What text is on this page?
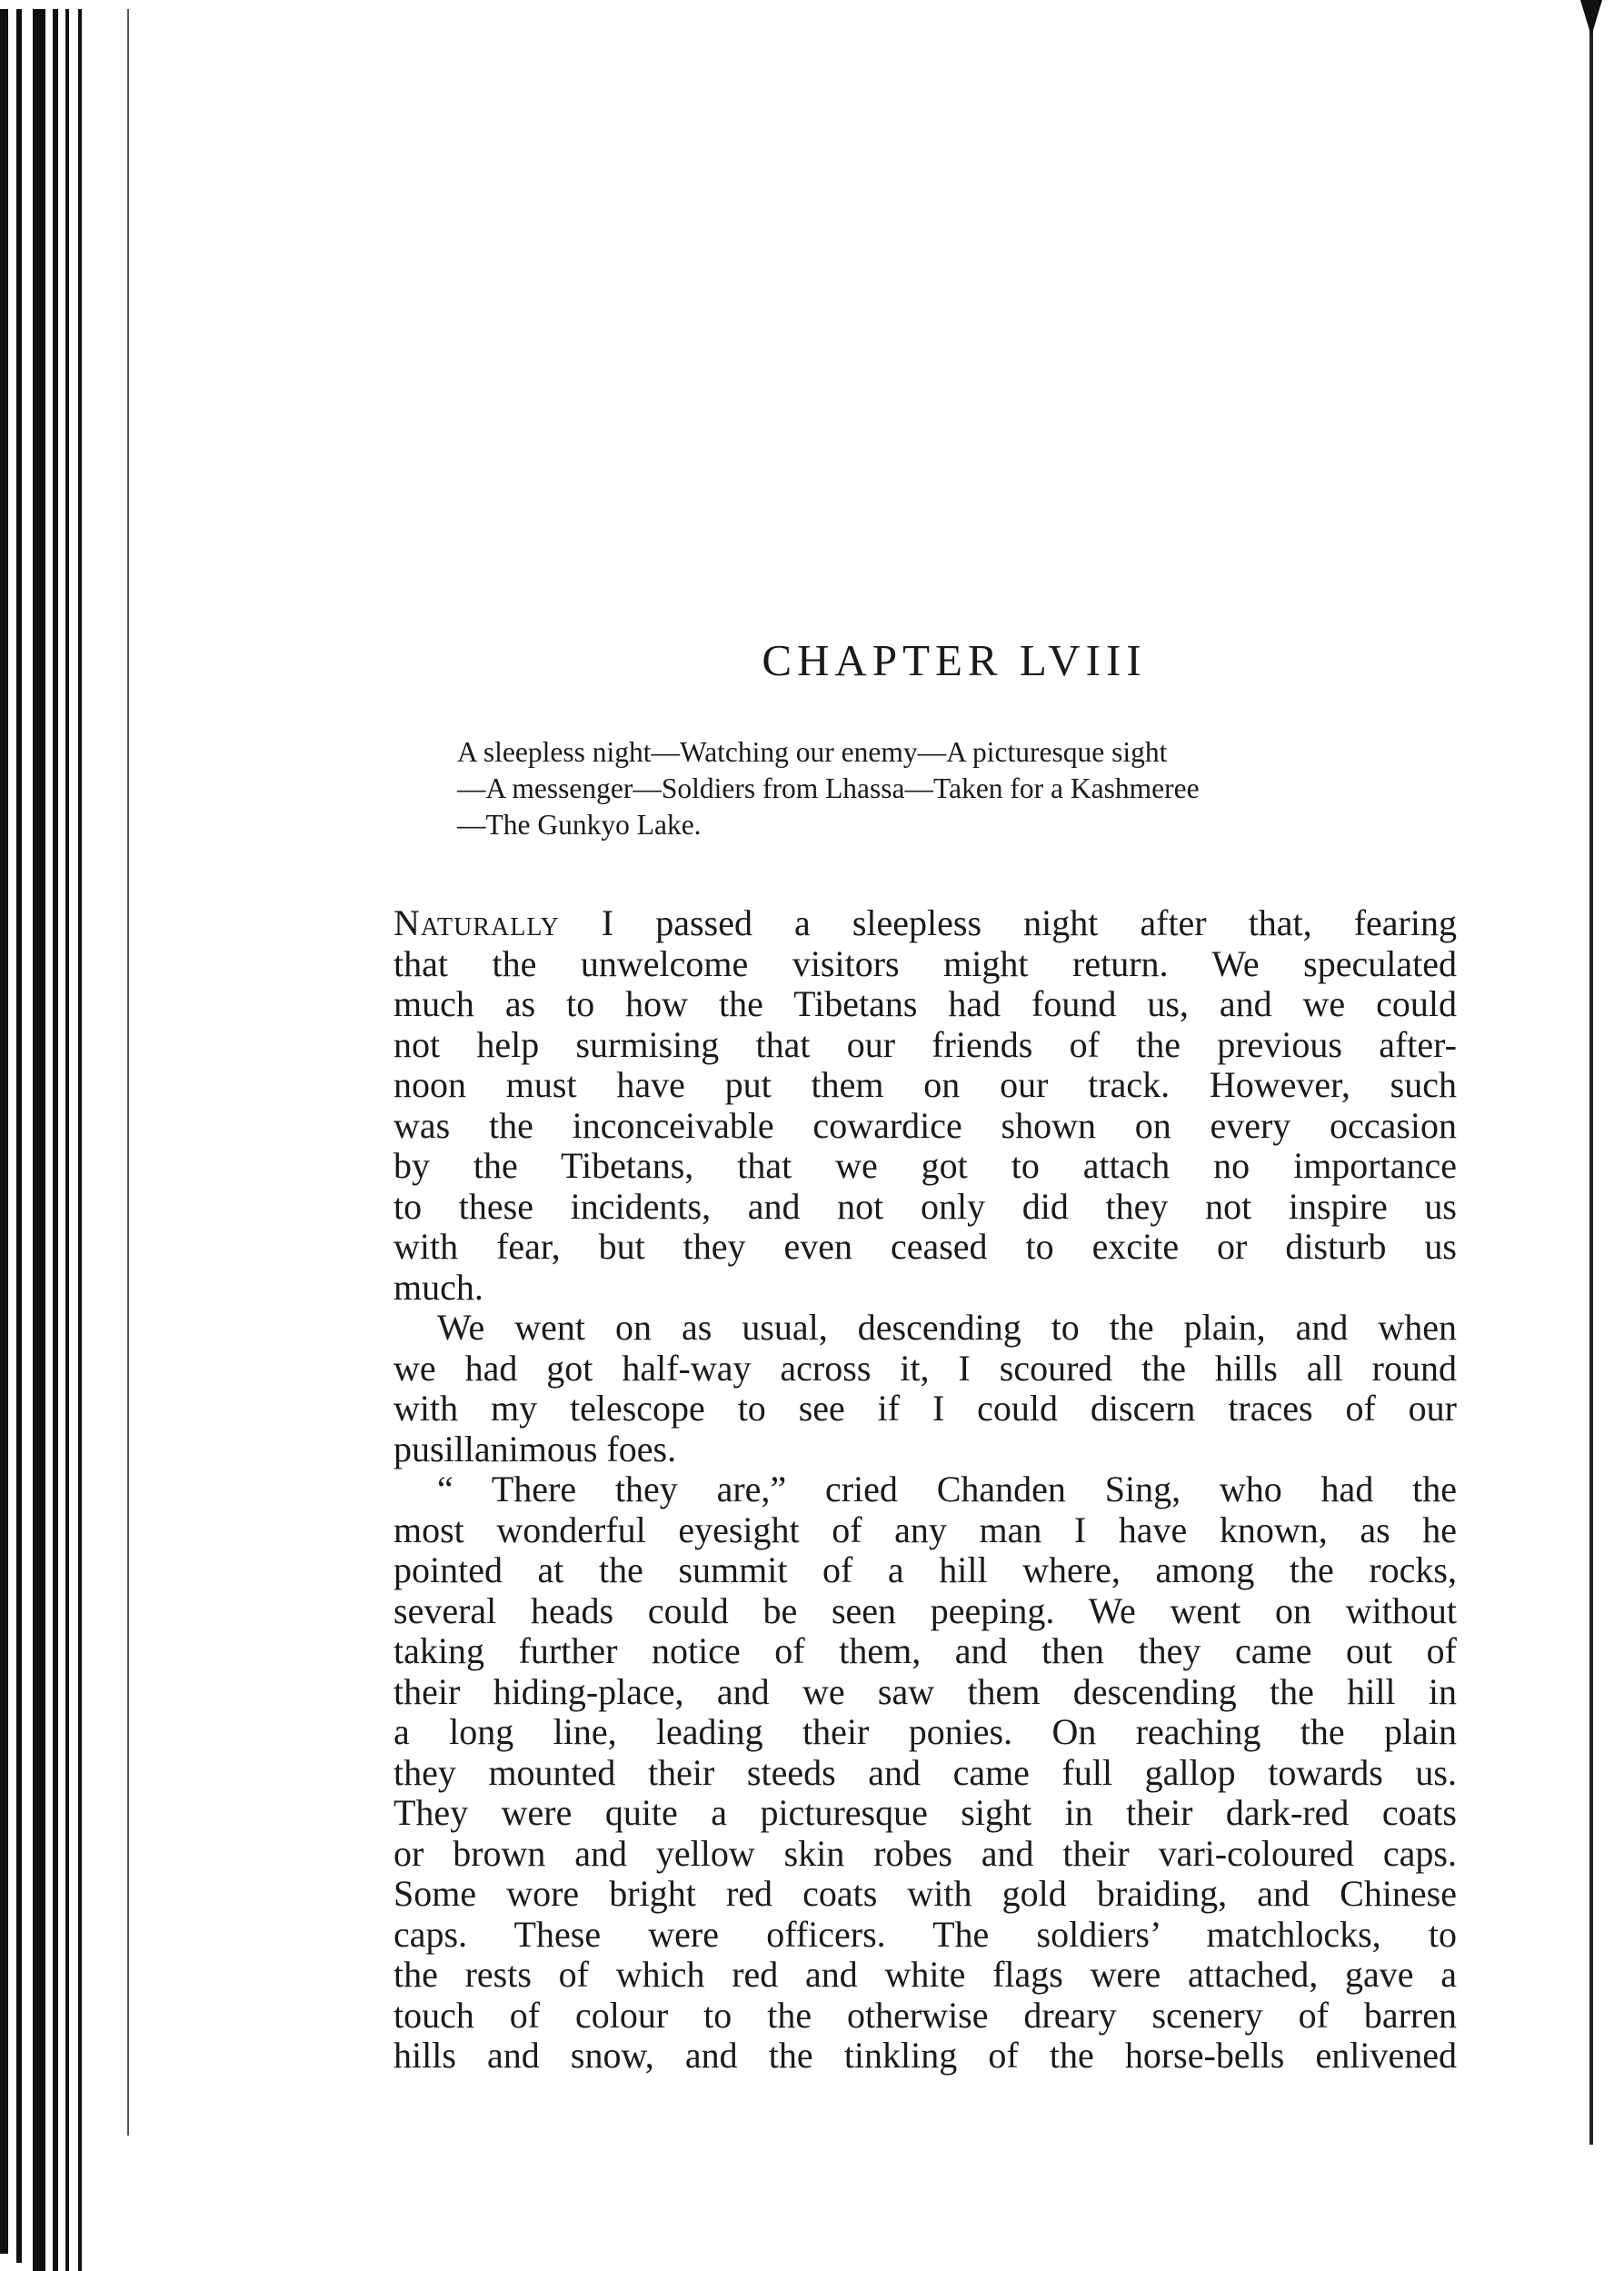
CHAPTER LVIII
A sleepless night—Watching our enemy—A picturesque sight
—A messenger—Soldiers from Lhassa—Taken for a Kashmeree
—The Gunkyo Lake.
Naturally I passed a sleepless night after that, fearing
that the unwelcome visitors might return. We speculated
much as to how the Tibetans had found us, and we could
not help surmising that our friends of the previous after-
noon must have put them on our track. However, such
was the inconceivable cowardice shown on every occasion
by the Tibetans, that we got to attach no importance
to these incidents, and not only did they not inspire us
with fear, but they even ceased to excite or disturb us
much.
We went on as usual, descending to the plain, and when
we had got half-way across it, I scoured the hills all round
with my telescope to see if I could discern traces of our
pusillanimous foes.
“ There they are,” cried Chanden Sing, who had the
most wonderful eyesight of any man I have known, as he
pointed at the summit of a hill where, among the rocks,
several heads could be seen peeping. We went on without
taking further notice of them, and then they came out of
their hiding-place, and we saw them descending the hill in
a long line, leading their ponies. On reaching the plain
they mounted their steeds and came full gallop towards us.
They were quite a picturesque sight in their dark-red coats
or brown and yellow skin robes and their vari-coloured caps.
Some wore bright red coats with gold braiding, and Chinese
caps. These were officers. The soldiers’ matchlocks, to
the rests of which red and white flags were attached, gave a
touch of colour to the otherwise dreary scenery of barren
hills and snow, and the tinkling of the horse-bells enlivened
